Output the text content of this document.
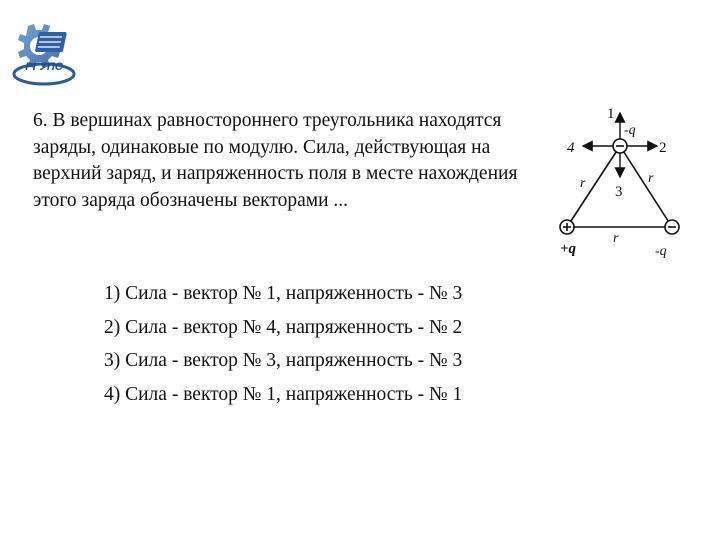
РГУПС

6. В вершинах равностороннего треугольника находятся заряды, одинаковые по модулю. Сила, действующая на верхний заряд, и напряженность поля в месте нахождения этого заряда обозначены векторами ...

1
2
3
4
-q
r	r
r
+q	-q
1) Сила - вектор № 1, напряженность - № 3
2) Сила - вектор № 4, напряженность - № 2
3) Сила - вектор № 3, напряженность - № 3
4) Сила - вектор № 1, напряженность - № 1
